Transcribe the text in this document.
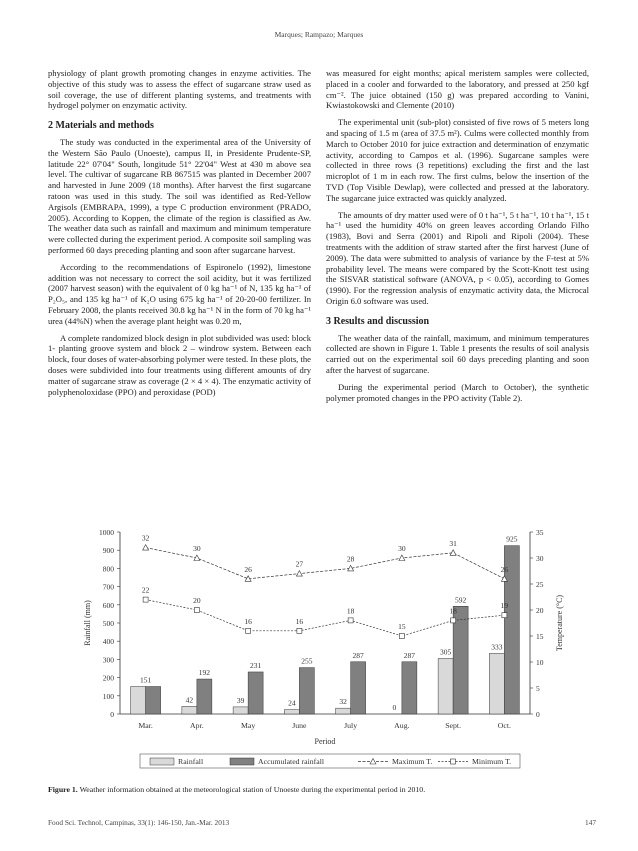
Marques; Rampazo; Marques

physiology of plant growth promoting changes in enzyme activities. The objective of this study was to assess the effect of sugarcane straw used as soil coverage, the use of different planting systems, and treatments with hydrogel polymer on enzymatic activity.

2 Materials and methods

The study was conducted in the experimental area of the University of the Western São Paulo (Unoeste), campus II, in Presidente Prudente-SP, latitude 22° 07'04" South, longitude 51° 22'04" West at 430 m above sea level. The cultivar of sugarcane RB 867515 was planted in December 2007 and harvested in June 2009 (18 months). After harvest the first sugarcane ratoon was used in this study. The soil was identified as Red-Yellow Argisols (EMBRAPA, 1999), a type C production environment (PRADO, 2005). According to Koppen, the climate of the region is classified as Aw. The weather data such as rainfall and maximum and minimum temperature were collected during the experiment period. A composite soil sampling was performed 60 days preceding planting and soon after sugarcane harvest.

According to the recommendations of Espironelo (1992), limestone addition was not necessary to correct the soil acidity, but it was fertilized (2007 harvest season) with the equivalent of 0 kg ha⁻¹ of N, 135 kg ha⁻¹ of P₂O₅, and 135 kg ha⁻¹ of K₂O using 675 kg ha⁻¹ of 20-20-00 fertilizer. In February 2008, the plants received 30.8 kg ha⁻¹ N in the form of 70 kg ha⁻¹ urea (44%N) when the average plant height was 0.20 m,

A complete randomized block design in plot subdivided was used: block 1- planting groove system and block 2 – windrow system. Between each block, four doses of water-absorbing polymer were tested. In these plots, the doses were subdivided into four treatments using different amounts of dry matter of sugarcane straw as coverage (2 × 4 × 4). The enzymatic activity of polyphenoloxidase (PPO) and peroxidase (POD)

was measured for eight months; apical meristem samples were collected, placed in a cooler and forwarded to the laboratory, and pressed at 250 kgf cm⁻². The juice obtained (150 g) was prepared according to Vanini, Kwiastokowski and Clemente (2010)

The experimental unit (sub-plot) consisted of five rows of 5 meters long and spacing of 1.5 m (area of 37.5 m²). Culms were collected monthly from March to October 2010 for juice extraction and determination of enzymatic activity, according to Campos et al. (1996). Sugarcane samples were collected in three rows (3 repetitions) excluding the first and the last microplot of 1 m in each row. The first culms, below the insertion of the TVD (Top Visible Dewlap), were collected and pressed at the laboratory. The sugarcane juice extracted was quickly analyzed.

The amounts of dry matter used were of 0 t ha⁻¹, 5 t ha⁻¹, 10 t ha⁻¹, 15 t ha⁻¹ used the humidity 40% on green leaves according Orlando Filho (1983), Bovi and Serra (2001) and Ripoli and Ripoli (2004). These treatments with the addition of straw started after the first harvest (June of 2009). The data were submitted to analysis of variance by the F-test at 5% probability level. The means were compared by the Scott-Knott test using the SISVAR statistical software (ANOVA, p < 0.05), according to Gomes (1990). For the regression analysis of enzymatic activity data, the Microcal Origin 6.0 software was used.

3 Results and discussion

The weather data of the rainfall, maximum, and minimum temperatures collected are shown in Figure 1. Table 1 presents the results of soil analysis carried out on the experimental soil 60 days preceding planting and soon after the harvest of sugarcane.

During the experimental period (March to October), the synthetic polymer promoted changes in the PPO activity (Table 2).

0
100
200
300
400
500
600
700
800
900
1000
0
5
10
15
20
25
30
35
Rainfall (mm)	Temperature (°C)
Mar.
151
Apr.
42
192
May
39
231
June
24
255
July
32
287
Aug.
0
287
Sept.
305
592
Oct.
333
925
32
30
26
27
28
30
31
26
22
20
16	16
18
15
18
19
Period
Rainfall	Accumulated rainfall	Maximum T.	Minimum T.
Figure 1. Weather information obtained at the meteorological station of Unoeste during the experimental period in 2010.
Food Sci. Technol, Campinas, 33(1): 146-150, Jan.-Mar. 2013	147
